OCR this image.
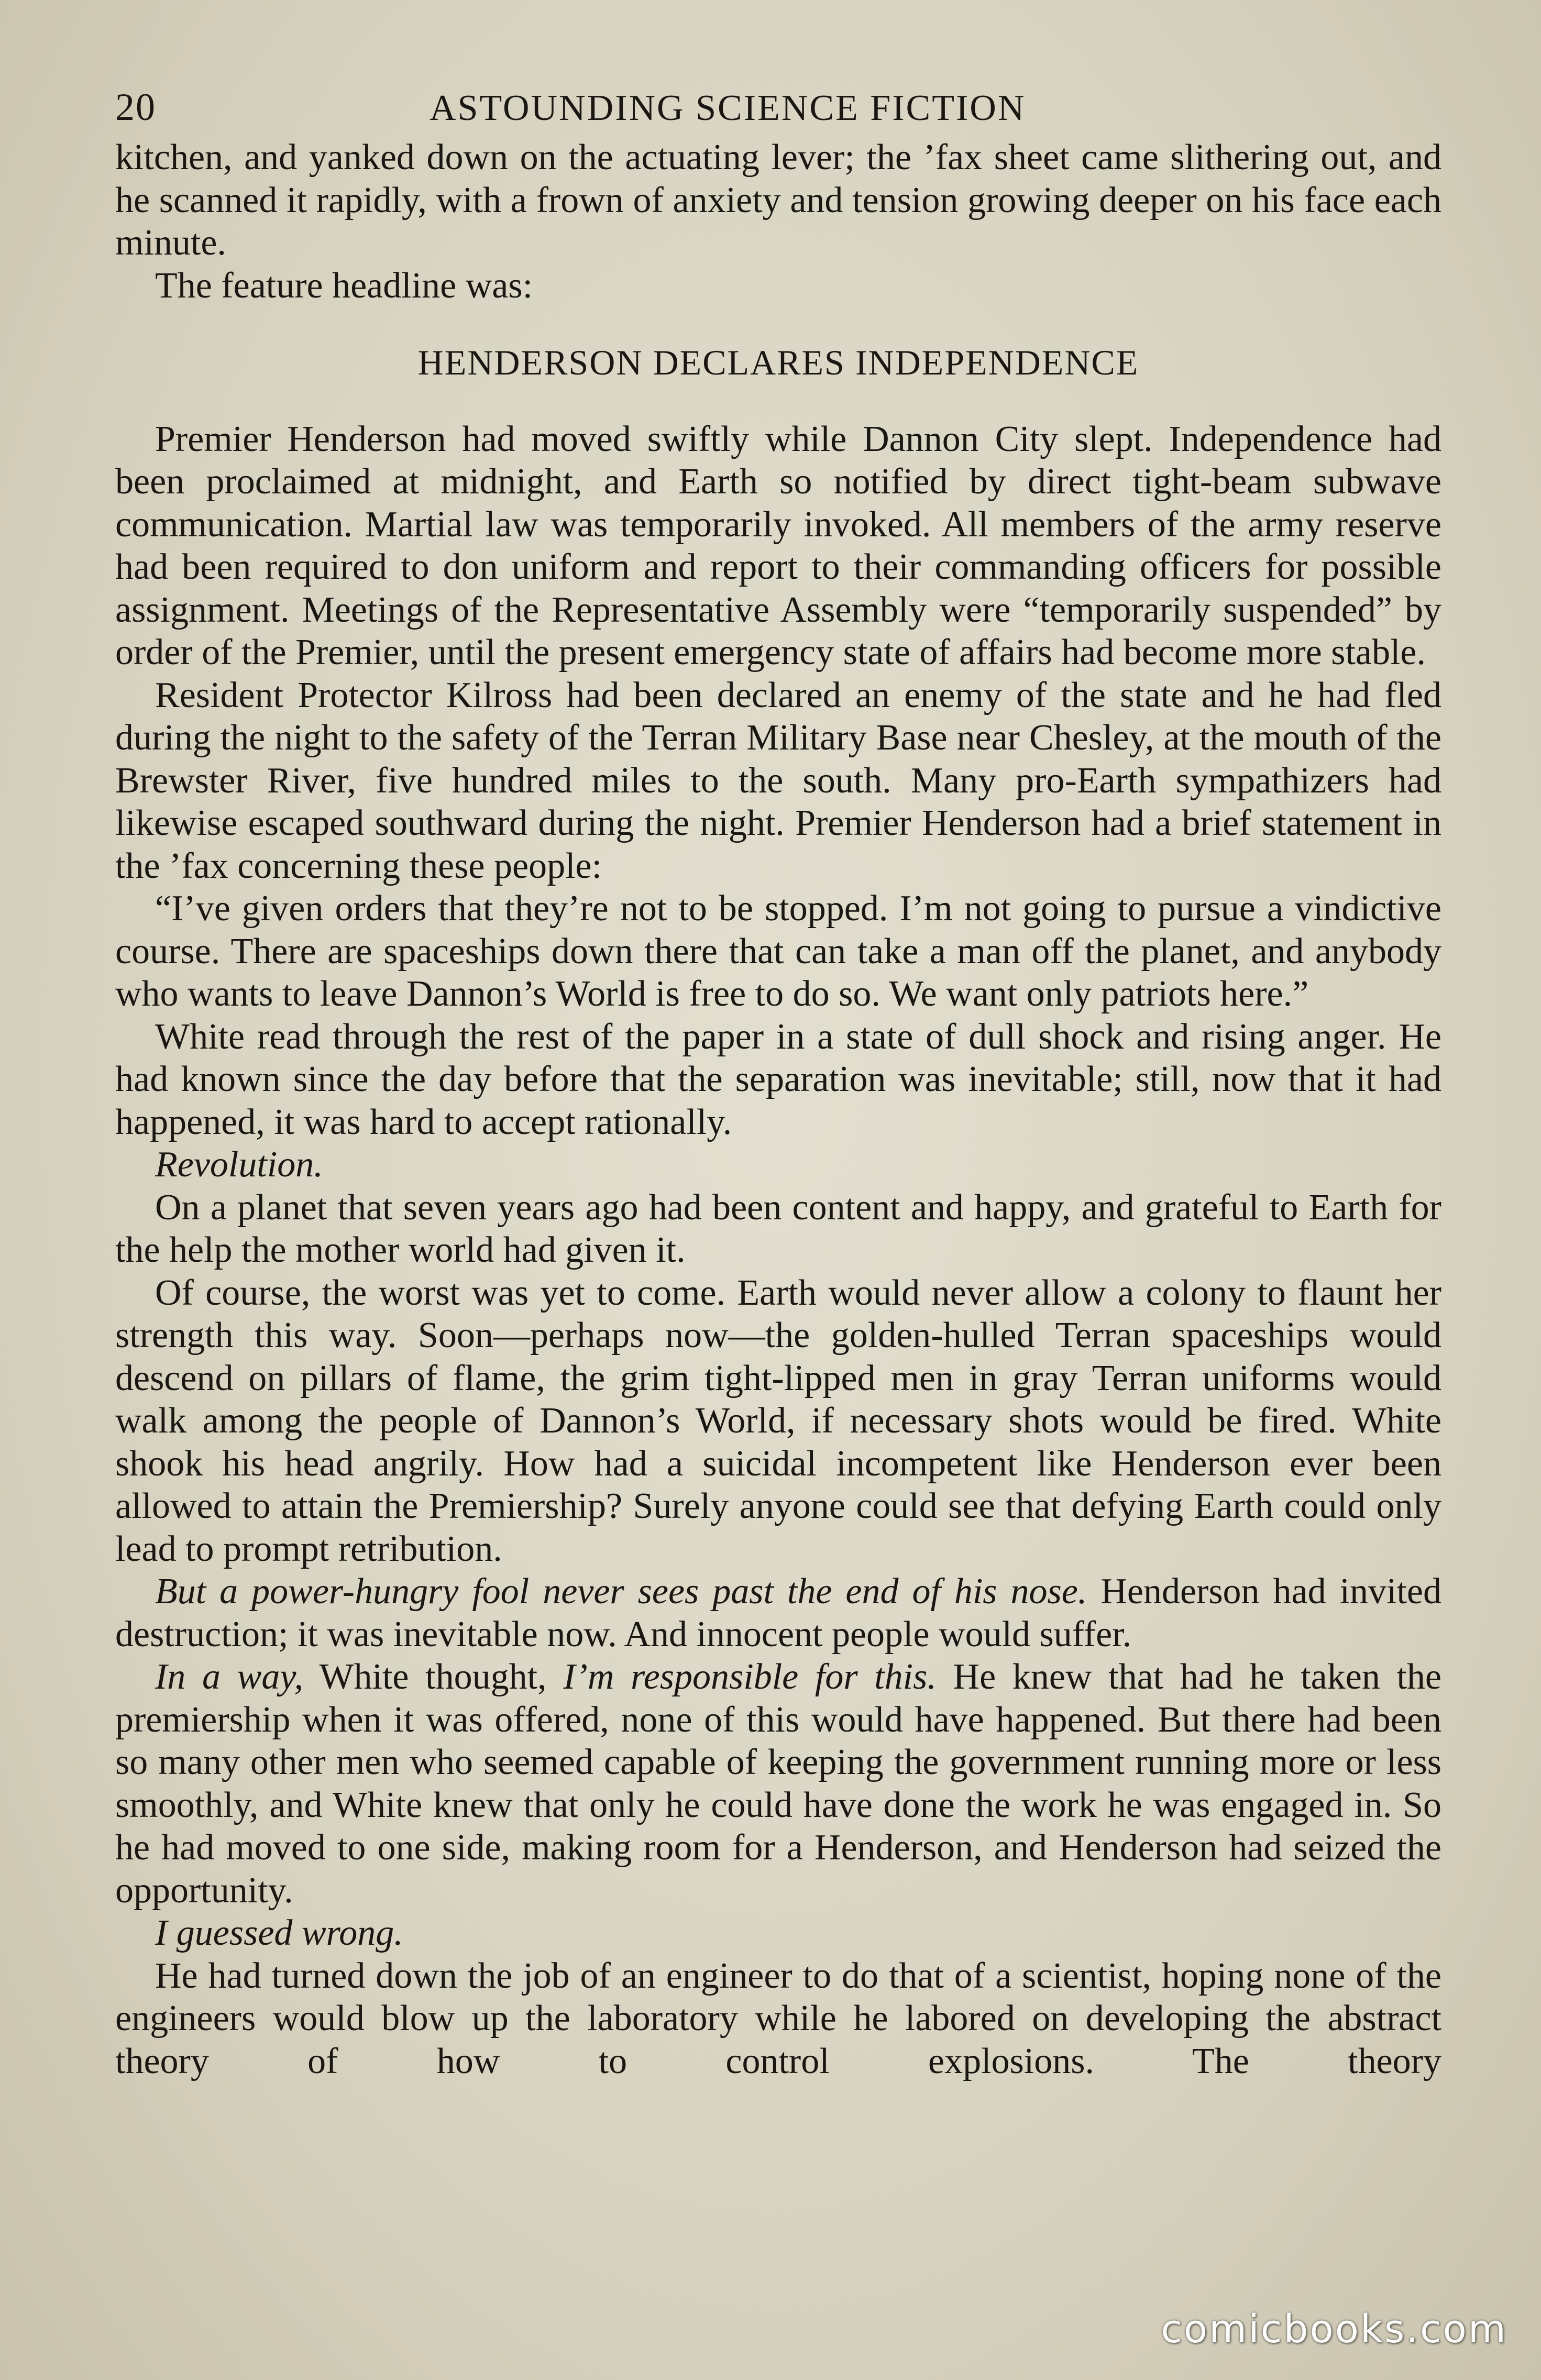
20	ASTOUNDING SCIENCE FICTION

kitchen, and yanked down on the actuating lever; the ’fax sheet came slithering out, and he scanned it rapidly, with a frown of anxiety and tension growing deeper on his face each minute.

The feature headline was:

HENDERSON DECLARES INDEPENDENCE

Premier Henderson had moved swiftly while Dannon City slept. Independence had been proclaimed at midnight, and Earth so notified by direct tight-beam subwave communication. Martial law was temporarily invoked. All members of the army reserve had been required to don uniform and report to their commanding officers for possible assignment. Meetings of the Representative Assembly were “temporarily suspended” by order of the Premier, until the present emergency state of affairs had become more stable.

Resident Protector Kilross had been declared an enemy of the state and he had fled during the night to the safety of the Terran Military Base near Chesley, at the mouth of the Brewster River, five hundred miles to the south. Many pro-Earth sympathizers had likewise escaped southward during the night. Premier Henderson had a brief statement in the ’fax concerning these people:

“I’ve given orders that they’re not to be stopped. I’m not going to pursue a vindictive course. There are spaceships down there that can take a man off the planet, and anybody who wants to leave Dannon’s World is free to do so. We want only patriots here.”

White read through the rest of the paper in a state of dull shock and rising anger. He had known since the day before that the separation was inevitable; still, now that it had happened, it was hard to accept rationally.

Revolution.

On a planet that seven years ago had been content and happy, and grateful to Earth for the help the mother world had given it.

Of course, the worst was yet to come. Earth would never allow a colony to flaunt her strength this way. Soon—perhaps now—the golden-hulled Terran spaceships would descend on pillars of flame, the grim tight-lipped men in gray Terran uniforms would walk among the people of Dannon’s World, if necessary shots would be fired. White shook his head angrily. How had a suicidal incompetent like Henderson ever been allowed to attain the Premiership? Surely anyone could see that defying Earth could only lead to prompt retribution.

But a power-hungry fool never sees past the end of his nose. Henderson had invited destruction; it was inevitable now. And innocent people would suffer.

In a way, White thought, I’m responsible for this. He knew that had he taken the premiership when it was offered, none of this would have happened. But there had been so many other men who seemed capable of keeping the government running more or less smoothly, and White knew that only he could have done the work he was engaged in. So he had moved to one side, making room for a Henderson, and Henderson had seized the opportunity.

I guessed wrong.

He had turned down the job of an engineer to do that of a scientist, hoping none of the engineers would blow up the laboratory while he labored on developing the abstract theory of how to control explosions. The theory

comicbooks.com
